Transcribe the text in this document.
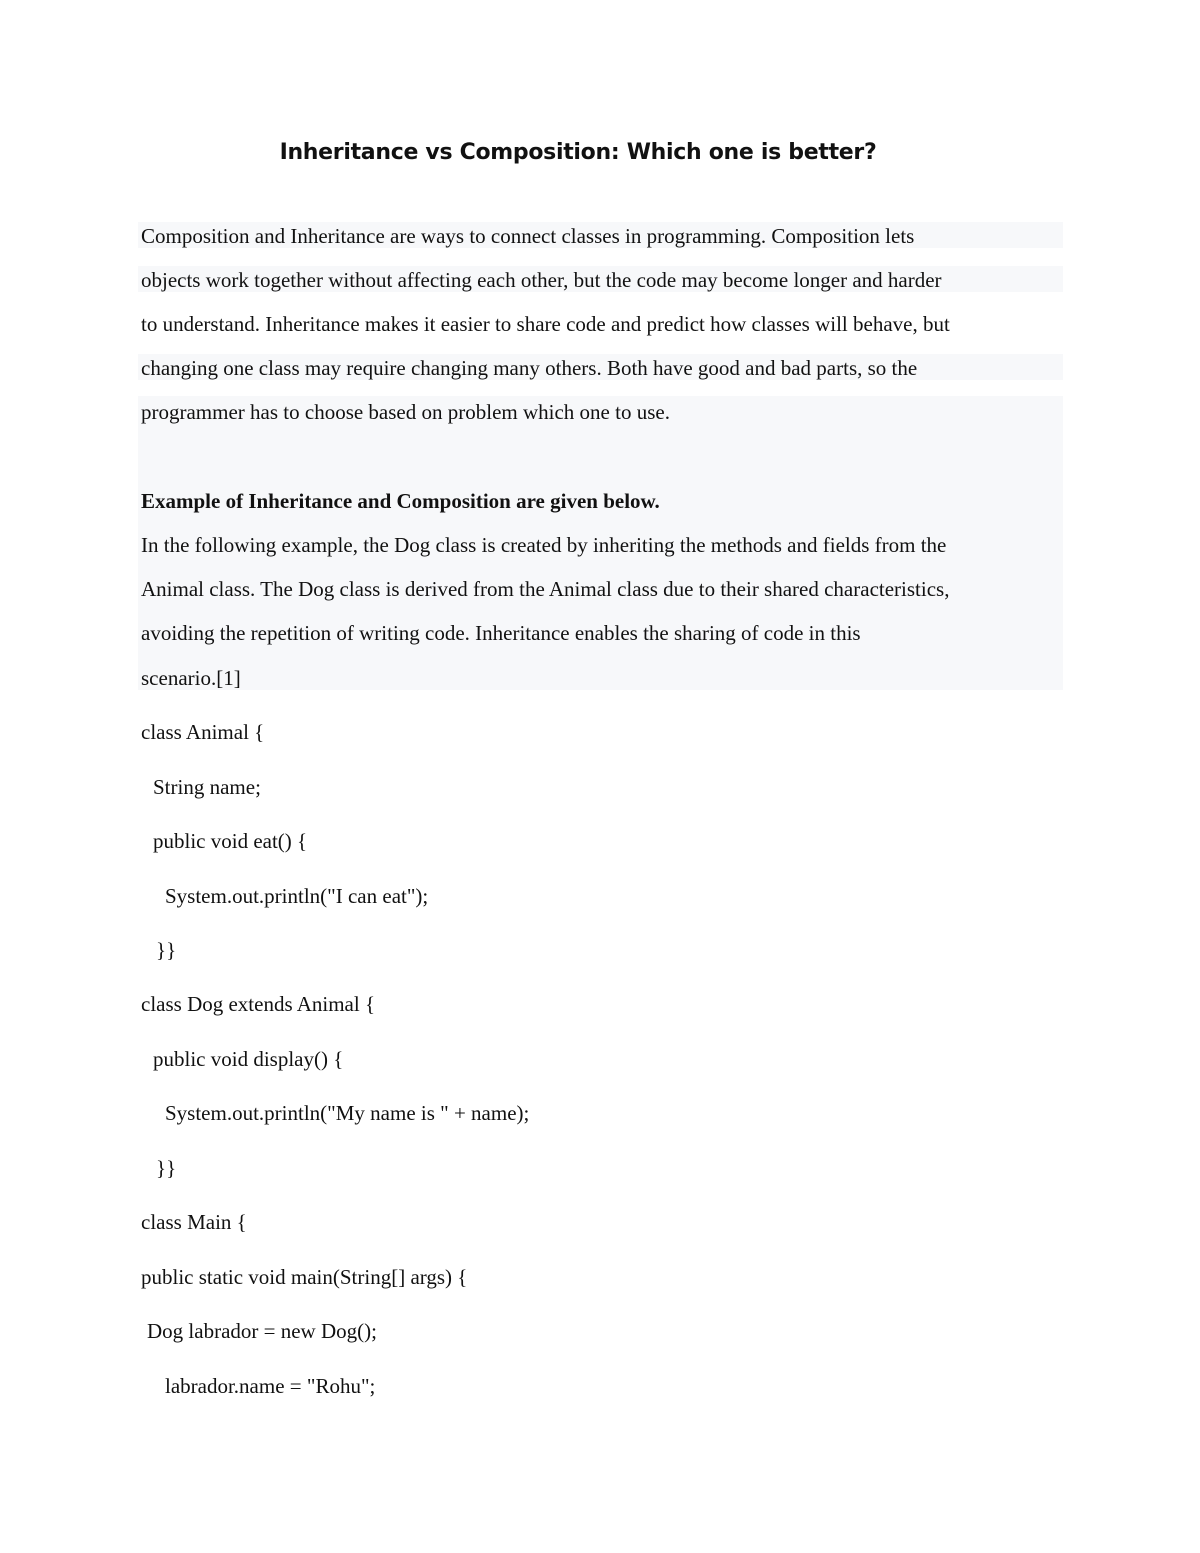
Inheritance vs Composition: Which one is better?

Composition and Inheritance are ways to connect classes in programming. Composition lets

objects work together without affecting each other, but the code may become longer and harder

to understand. Inheritance makes it easier to share code and predict how classes will behave, but

changing one class may require changing many others. Both have good and bad parts, so the

programmer has to choose based on problem which one to use.

Example of Inheritance and Composition are given below.

In the following example, the Dog class is created by inheriting the methods and fields from the

Animal class. The Dog class is derived from the Animal class due to their shared characteristics,

avoiding the repetition of writing code. Inheritance enables the sharing of code in this

scenario.[1]

class Animal {

String name;

public void eat() {

System.out.println("I can eat");

}}

class Dog extends Animal {

public void display() {

System.out.println("My name is " + name);

}}

class Main {

public static void main(String[] args) {

Dog labrador = new Dog();

labrador.name = "Rohu";
